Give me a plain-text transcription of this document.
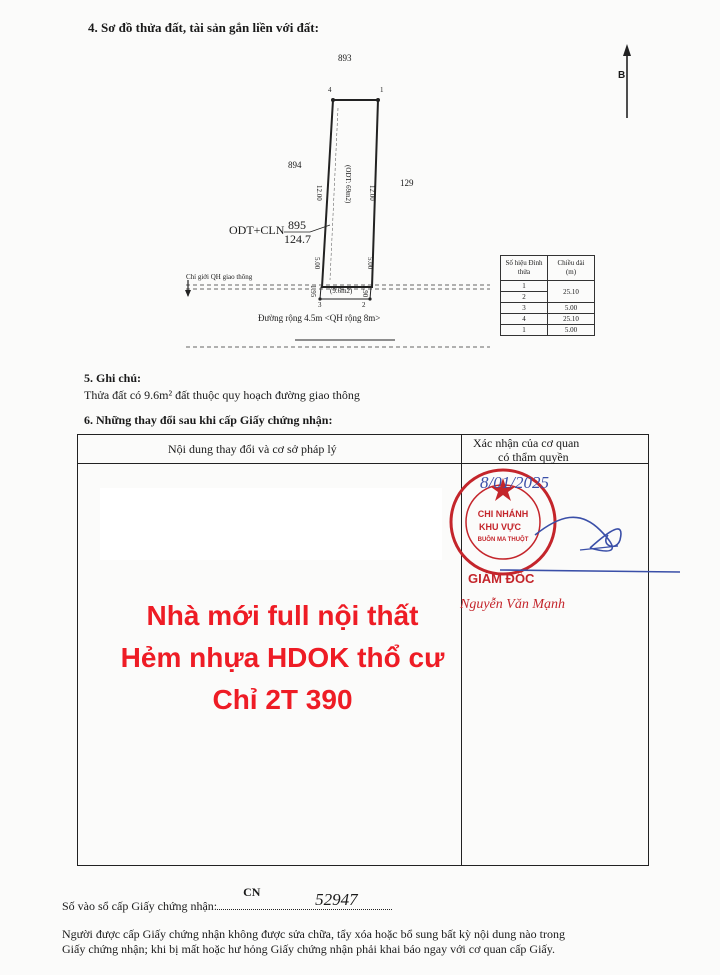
4. Sơ đồ thửa đất, tài sản gắn liền với đất:
893
B
4	1
894
129
12.00	(ODT: 69m2) 12.00
ODT+CLN 895
124.7
5.00	5.00
Chỉ giới QH giao thông
1.95 (9.6m2) 1.90
3	2
Đường rộng 4.5m <QH rộng 8m>
Số hiệu Đỉnh thửa	Chiều dài (m)
1	25.10
2	
3	5.00
4	25.10
1	5.00
5. Ghi chú:
Thửa đất có 9.6m² đất thuộc quy hoạch đường giao thông
6. Những thay đổi sau khi cấp Giấy chứng nhận:
Nội dung thay đổi và cơ sở pháp lý	Xác nhận của cơ quan
có thẩm quyền
CHI NHÁNH
KHU VỰC
BUÔN MA THUỘT
8/01/2025
GIÁM ĐỐC
Nguyễn Văn Mạnh
Nhà mới full nội thất
Hẻm nhựa HDOK thổ cư
Chỉ 2T 390
Số vào sổ cấp Giấy chứng nhận:
CN	52947
Người được cấp Giấy chứng nhận không được sửa chữa, tẩy xóa hoặc bổ sung bất kỳ nội dung nào trong
Giấy chứng nhận; khi bị mất hoặc hư hỏng Giấy chứng nhận phải khai báo ngay với cơ quan cấp Giấy.
